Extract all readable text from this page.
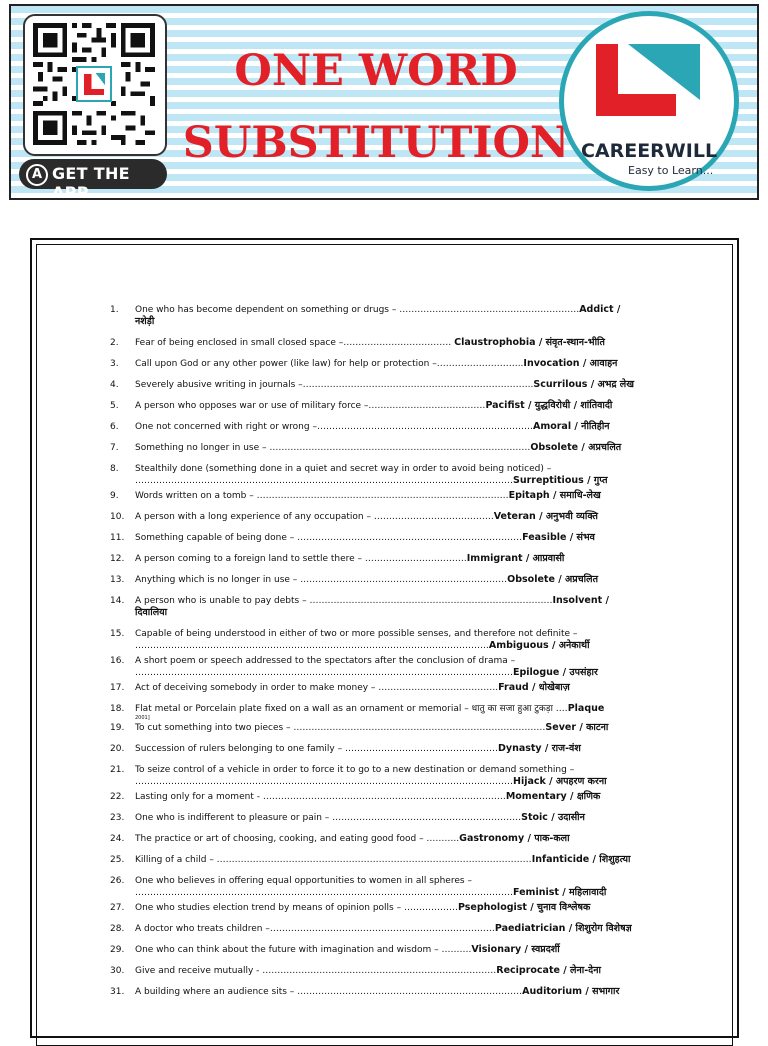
A GET THE APP
ONE WORD
SUBSTITUTION CAREERWILL
Easy to Learn...
1. One who has become dependent on something or drugs – ……………………………………………………Addict / नशेड़ी
2. Fear of being enclosed in small closed space –……………………………… Claustrophobia / संवृत-स्थान-भीति
3. Call upon God or any other power (like law) for help or protection –………………………..Invocation / आवाहन
4. Severely abusive writing in journals –…………………………………………………………………..Scurrilous / अभद्र लेख
5. A person who opposes war or use of military force –…………………………………Pacifist / युद्धविरोधी / शांतिवादी
6. One not concerned with right or wrong –………………………………………………………………Amoral / नीतिहीन
7. Something no longer in use – ……………………………………………………………………………Obsolete / अप्रचलित
8. Stealthily done (something done in a quiet and secret way in order to avoid being noticed) –
………………………………………………………………………………………………………………Surreptitious / गुप्त
9. Words written on a tomb – …………………………………………………………………………Epitaph / समाधि-लेख
10. A person with a long experience of any occupation – ………………………………….Veteran / अनुभवी व्यक्ति
11. Something capable of being done – …………………………………………………………………Feasible / संभव
12. A person coming to a foreign land to settle there – …………………………….Immigrant / आप्रवासी
13. Anything which is no longer in use – ……………………………………………………………Obsolete / अप्रचलित
14. A person who is unable to pay debts – ………………………………………………………………………Insolvent / दिवालिया
15. Capable of being understood in either of two or more possible senses, and therefore not definite –
……………………………………………………………………………………………………….Ambiguous / अनेकार्थी
16. A short poem or speech addressed to the spectators after the conclusion of drama –
………………………………………………………………………………………………………………Epilogue / उपसंहार
17. Act of deceiving somebody in order to make money – ………………………………….Fraud / धोखेबाज़
18. Flat metal or Porcelain plate fixed on a wall as an ornament or memorial – धातु का सजा हुआ टुकड़ा ….Plaque
2001]
19. To cut something into two pieces – …………………………………………………………………………Sever / काटना
20. Succession of rulers belonging to one family – ……………………………………………Dynasty / राज-वंश
21. To seize control of a vehicle in order to force it to go to a new destination or demand something –
………………………………………………………………………………………………………………Hijack / अपहरण करना
22. Lasting only for a moment - ………………………………………………………………………Momentary / क्षणिक
23. One who is indifferent to pleasure or pain – ………………………………………………………Stoic / उदासीन
24. The practice or art of choosing, cooking, and eating good food – ………..Gastronomy / पाक-कला
25. Killing of a child – ……………………………………………………………………………………………Infanticide / शिशुहत्या
26. One who believes in offering equal opportunities to women in all spheres –
………………………………………………………………………………………………………………Feminist / महिलावादी
27. One who studies election trend by means of opinion polls – ………………Psephologist / चुनाव विश्लेषक
28. A doctor who treats children –…………………………………………………………………Paediatrician / शिशुरोग विशेषज्ञ
29. One who can think about the future with imagination and wisdom – ……….Visionary / स्वप्नदर्शी
30. Give and receive mutually - ……………………………………………………………………Reciprocate / लेना-देना
31. A building where an audience sits – …………………………………………………………………Auditorium / सभागार
